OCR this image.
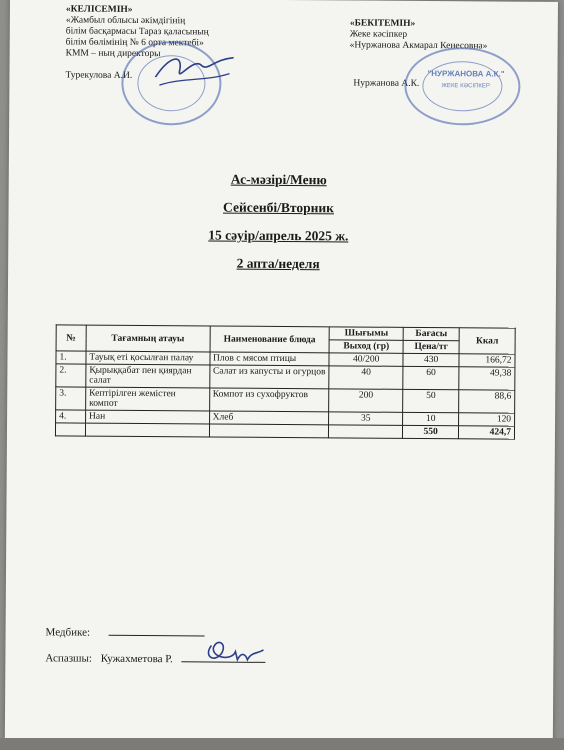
«КЕЛІСЕМІН»
«Жамбыл облысы әкімдігінің
білім басқармасы Тараз қаласының
білім бөлімінің № 6 орта мектебі»
КММ – ның директоры
Турекулова А.И.
«БЕКІТЕМІН»
Жеке кәсіпкер
«Нуржанова Акмарал Кенесовна»
Нуржанова А.К.
"НУРЖАНОВА А.К."
ЖЕКЕ КӘСІПКЕР
Ас-мәзірі/Меню
Сейсенбі/Вторник
15 сәуір/апрель 2025 ж.
2 апта/неделя
№	Тағамның атауы	Наименование блюда	Шығымы	Бағасы	Ккал
			Выход (гр)	Цена/тг	
1.	Тауық еті қосылған палау	Плов с мясом птицы	40/200	430	166,72
2.	Қырыққабат пен қиярдан салат	Салат из капусты и огурцов	40	60	49,38
3.	Кептірілген жемістен компот	Компот из сухофруктов	200	50	88,6
4.	Нан	Хлеб	35	10	120
				550	424,7
Медбике:
Аспазшы: Кужахметова Р.
